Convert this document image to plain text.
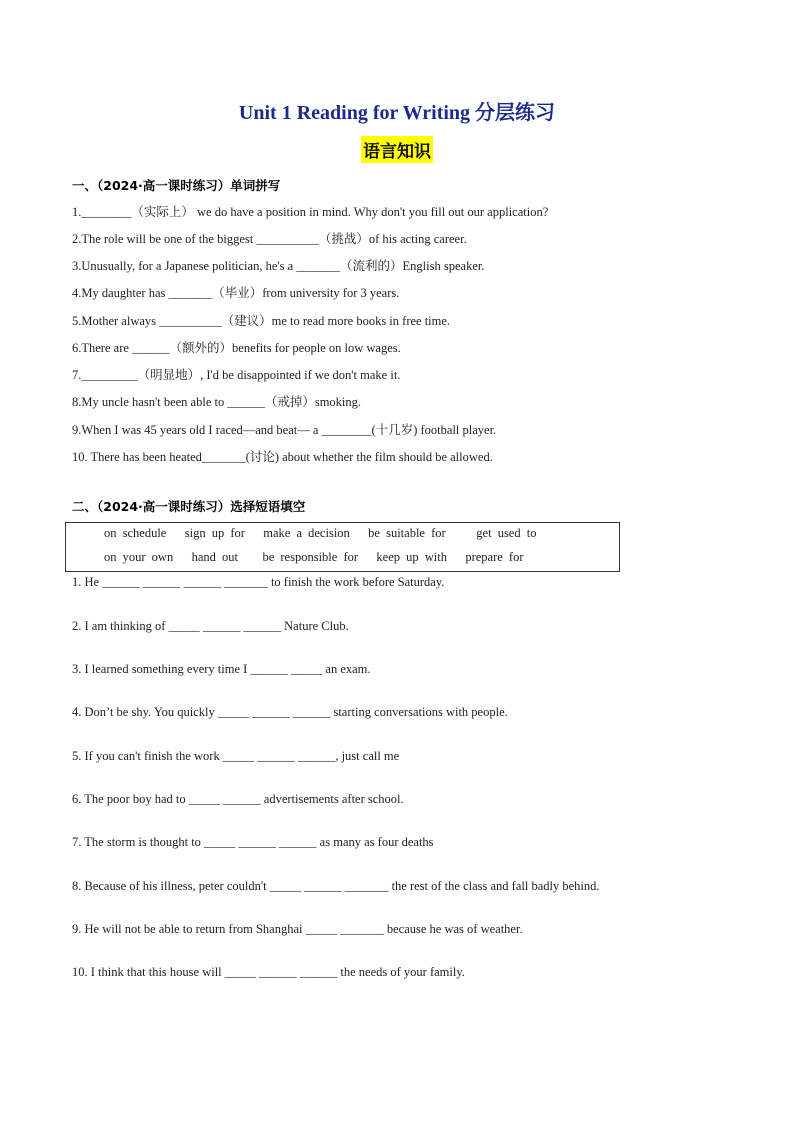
Unit 1 Reading for Writing 分层练习
语言知识
一、（2024·高一课时练习）单词拼写
1.________（实际上） we do have a position in mind. Why don't you fill out our application?
2.The role will be one of the biggest __________（挑战）of his acting career.
3.Unusually, for a Japanese politician, he's a _______（流利的）English speaker.
4.My daughter has _______（毕业）from university for 3 years.
5.Mother always __________（建议）me to read more books in free time.
6.There are ______（额外的）benefits for people on low wages.
7._________（明显地）, I'd be disappointed if we don't make it.
8.My uncle hasn't been able to ______（戒掉）smoking.
9.When I was 45 years old I raced—and beat— a ________(十几岁) football player.
10. There has been heated_______(讨论) about whether the film should be allowed.
二、（2024·高一课时练习）选择短语填空
on schedule   sign up for   make a decision   be suitable for     get used to
on your own   hand out    be responsible for   keep up with   prepare for
1. He ______ ______ ______ _______ to finish the work before Saturday.
2. I am thinking of _____ ______ ______ Nature Club.
3. I learned something every time I ______ _____ an exam.
4. Don’t be shy. You quickly _____ ______ ______ starting conversations with people.
5. If you can't finish the work _____ ______ ______, just call me
6. The poor boy had to _____ ______ advertisements after school.
7. The storm is thought to _____ ______ ______ as many as four deaths
8. Because of his illness, peter couldn't _____ ______ _______ the rest of the class and fall badly behind.
9. He will not be able to return from Shanghai _____ _______ because he was of weather.
10. I think that this house will _____ ______ ______ the needs of your family.
